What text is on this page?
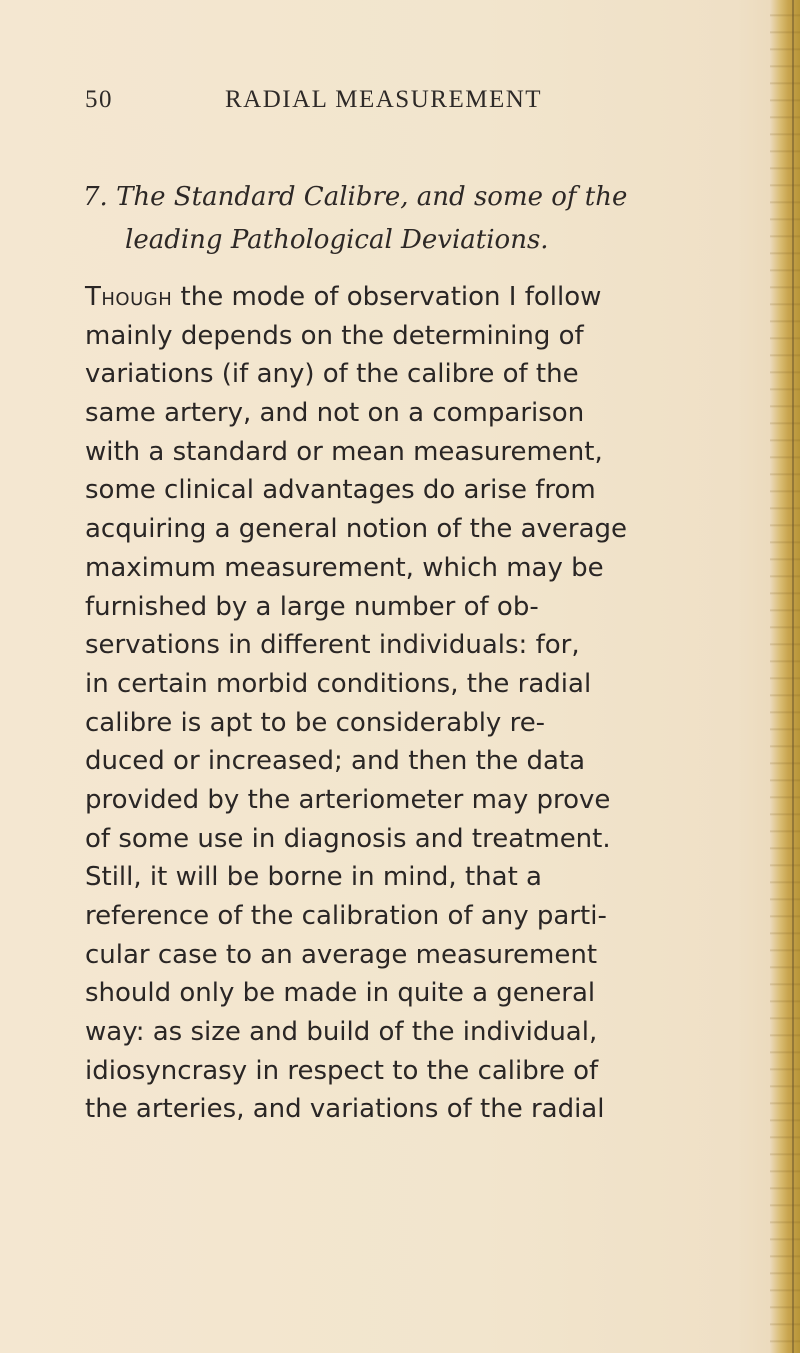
50	RADIAL MEASUREMENT
7. The Standard Calibre, and some of the
leading Pathological Deviations.
Though the mode of observation I follow
mainly depends on the determining of
variations (if any) of the calibre of the
same artery, and not on a comparison
with a standard or mean measurement,
some clinical advantages do arise from
acquiring a general notion of the average
maximum measurement, which may be
furnished by a large number of ob-
servations in different individuals: for,
in certain morbid conditions, the radial
calibre is apt to be considerably re-
duced or increased; and then the data
provided by the arteriometer may prove
of some use in diagnosis and treatment.
Still, it will be borne in mind, that a
reference of the calibration of any parti-
cular case to an average measurement
should only be made in quite a general
way: as size and build of the individual,
idiosyncrasy in respect to the calibre of
the arteries, and variations of the radial
